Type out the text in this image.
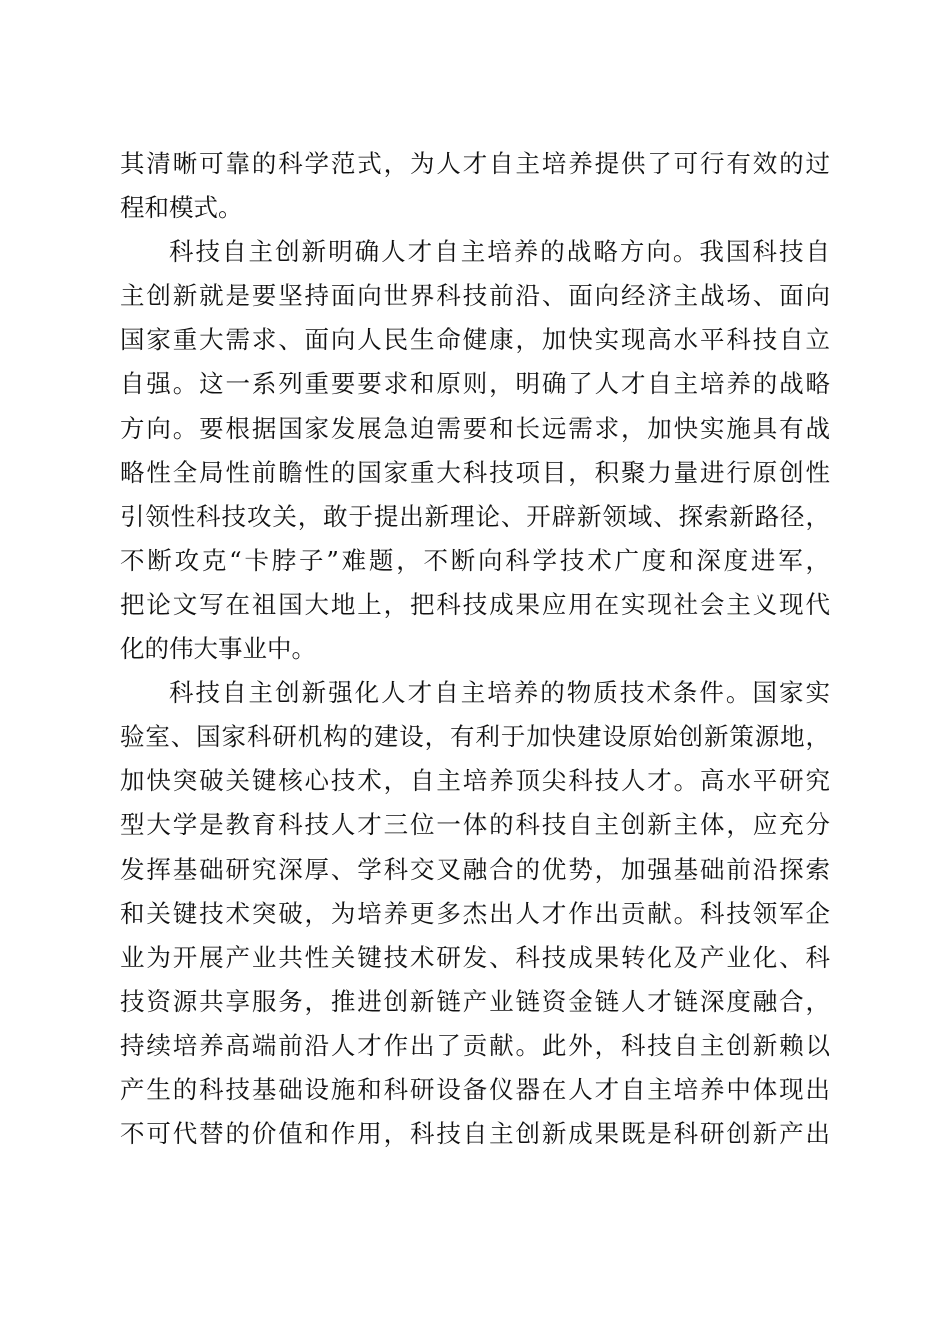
其清晰可靠的科学范式，为人才自主培养提供了可行有效的过
程和模式。

科技自主创新明确人才自主培养的战略方向。我国科技自
主创新就是要坚持面向世界科技前沿、面向经济主战场、面向
国家重大需求、面向人民生命健康，加快实现高水平科技自立
自强。这一系列重要要求和原则，明确了人才自主培养的战略
方向。要根据国家发展急迫需要和长远需求，加快实施具有战
略性全局性前瞻性的国家重大科技项目，积聚力量进行原创性
引领性科技攻关，敢于提出新理论、开辟新领域、探索新路径，
不断攻克“卡脖子”难题，不断向科学技术广度和深度进军，
把论文写在祖国大地上，把科技成果应用在实现社会主义现代
化的伟大事业中。

科技自主创新强化人才自主培养的物质技术条件。国家实
验室、国家科研机构的建设，有利于加快建设原始创新策源地，
加快突破关键核心技术，自主培养顶尖科技人才。高水平研究
型大学是教育科技人才三位一体的科技自主创新主体，应充分
发挥基础研究深厚、学科交叉融合的优势，加强基础前沿探索
和关键技术突破，为培养更多杰出人才作出贡献。科技领军企
业为开展产业共性关键技术研发、科技成果转化及产业化、科
技资源共享服务，推进创新链产业链资金链人才链深度融合，
持续培养高端前沿人才作出了贡献。此外，科技自主创新赖以
产生的科技基础设施和科研设备仪器在人才自主培养中体现出
不可代替的价值和作用，科技自主创新成果既是科研创新产出
